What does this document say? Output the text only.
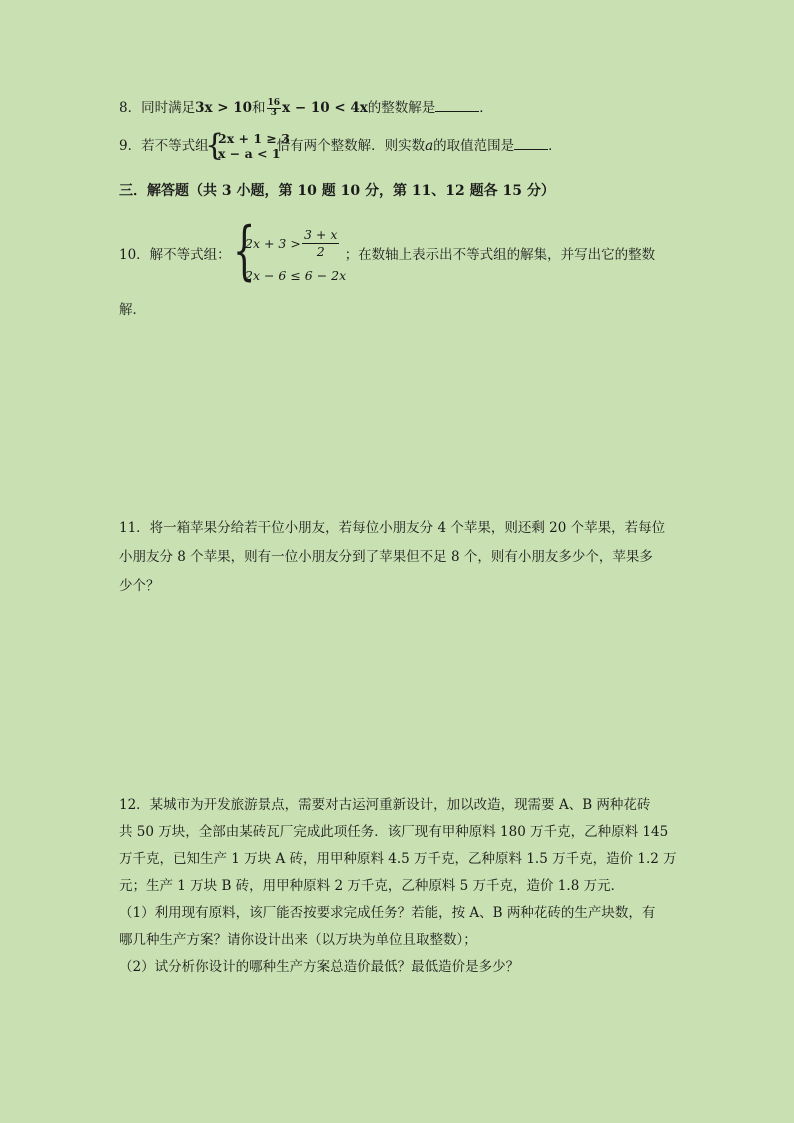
8．同时满足3x > 10和 $\frac{16}{3}$ x − 10 < 4x的整数解是	．
9．若不等式组	恰有两个整数解．则实数a的取值范围是	．
{
2x + 1 ≥ 3
x − a < 1
三．解答题（共 3 小题，第 10 题 10 分，第 11、12 题各 15 分）
10．解不等式组：	；在数轴上表示出不等式组的解集，并写出它的整数
{
$2x + 3 > \frac{3 + x}{2}$
2x − 6 ≤ 6 − 2x
解．
11．将一箱苹果分给若干位小朋友，若每位小朋友分 4 个苹果，则还剩 20 个苹果，若每位
小朋友分 8 个苹果，则有一位小朋友分到了苹果但不足 8 个，则有小朋友多少个，苹果多
少个？
12．某城市为开发旅游景点，需要对古运河重新设计，加以改造，现需要 A、B 两种花砖
共 50 万块，全部由某砖瓦厂完成此项任务．该厂现有甲种原料 180 万千克，乙种原料 145
万千克，已知生产 1 万块 A 砖，用甲种原料 4.5 万千克，乙种原料 1.5 万千克，造价 1.2 万
元；生产 1 万块 B 砖，用甲种原料 2 万千克，乙种原料 5 万千克，造价 1.8 万元．
（1）利用现有原料，该厂能否按要求完成任务？若能，按 A、B 两种花砖的生产块数，有
哪几种生产方案？请你设计出来（以万块为单位且取整数）；
（2）试分析你设计的哪种生产方案总造价最低？最低造价是多少？
